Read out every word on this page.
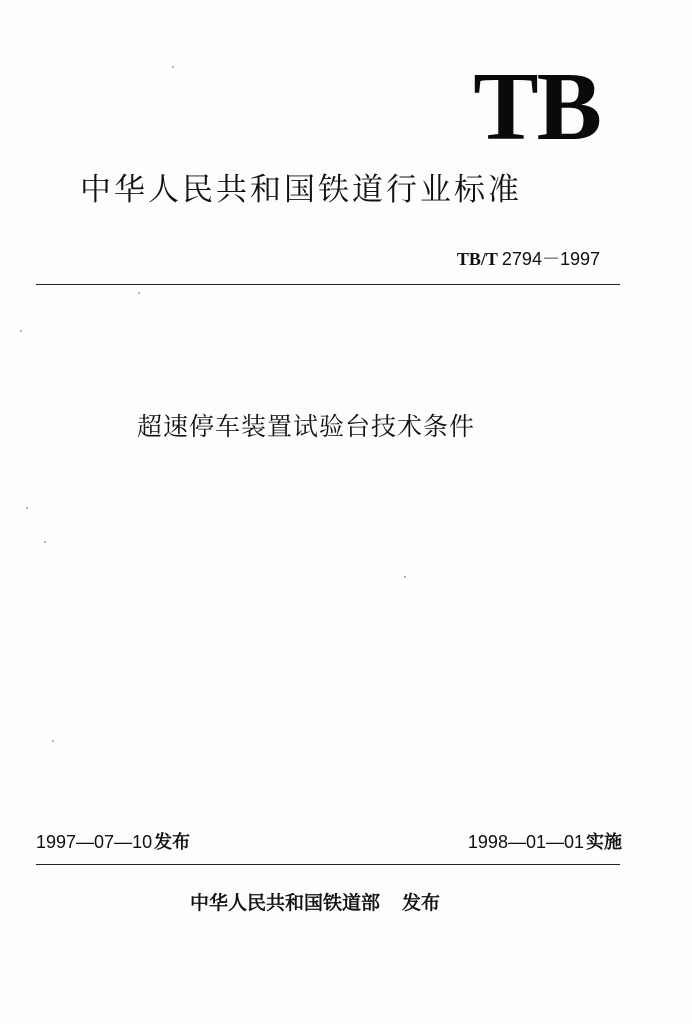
TB
中华人民共和国铁道行业标准
TB/T 2794－1997
超速停车装置试验台技术条件
1997—07—10 发布	1998—01—01 实施
中华人民共和国铁道部 发布
